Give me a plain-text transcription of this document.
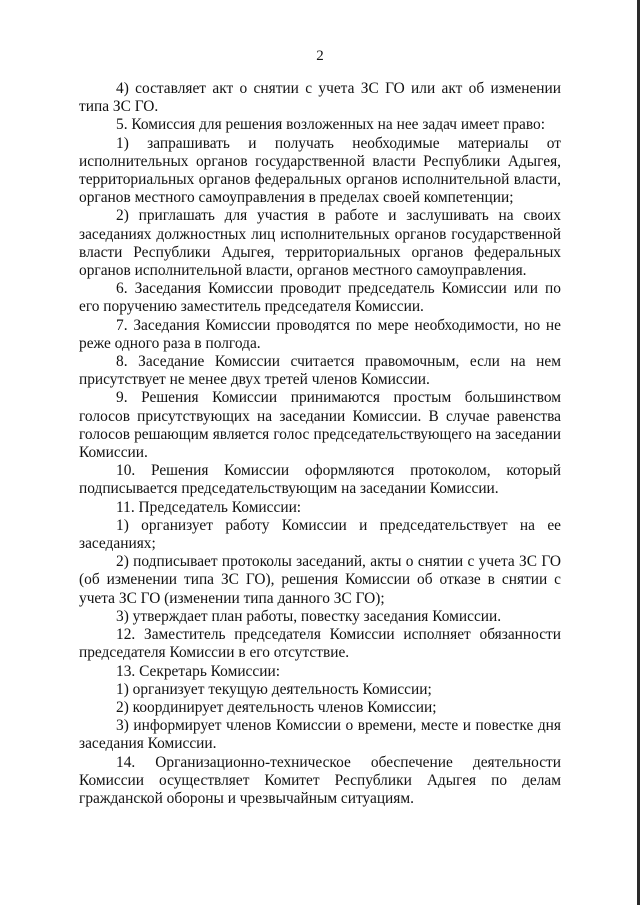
2

4) составляет акт о снятии с учета ЗС ГО или акт об изменении типа ЗС ГО.

5. Комиссия для решения возложенных на нее задач имеет право:

1) запрашивать и получать необходимые материалы от исполнительных органов государственной власти Республики Адыгея, территориальных органов федеральных органов исполнительной власти, органов местного самоуправления в пределах своей компетенции;

2) приглашать для участия в работе и заслушивать на своих заседаниях должностных лиц исполнительных органов государственной власти Республики Адыгея, территориальных органов федеральных органов исполнительной власти, органов местного самоуправления.

6. Заседания Комиссии проводит председатель Комиссии или по его поручению заместитель председателя Комиссии.

7. Заседания Комиссии проводятся по мере необходимости, но не реже одного раза в полгода.

8. Заседание Комиссии считается правомочным, если на нем присутствует не менее двух третей членов Комиссии.

9. Решения Комиссии принимаются простым большинством голосов присутствующих на заседании Комиссии. В случае равенства голосов решающим является голос председательствующего на заседании Комиссии.

10. Решения Комиссии оформляются протоколом, который подписывается председательствующим на заседании Комиссии.

11. Председатель Комиссии:

1) организует работу Комиссии и председательствует на ее заседаниях;

2) подписывает протоколы заседаний, акты о снятии с учета ЗС ГО (об изменении типа ЗС ГО), решения Комиссии об отказе в снятии с учета ЗС ГО (изменении типа данного ЗС ГО);

3) утверждает план работы, повестку заседания Комиссии.

12. Заместитель председателя Комиссии исполняет обязанности председателя Комиссии в его отсутствие.

13. Секретарь Комиссии:

1) организует текущую деятельность Комиссии;

2) координирует деятельность членов Комиссии;

3) информирует членов Комиссии о времени, месте и повестке дня заседания Комиссии.

14. Организационно-техническое обеспечение деятельности Комиссии осуществляет Комитет Республики Адыгея по делам гражданской обороны и чрезвычайным ситуациям.
